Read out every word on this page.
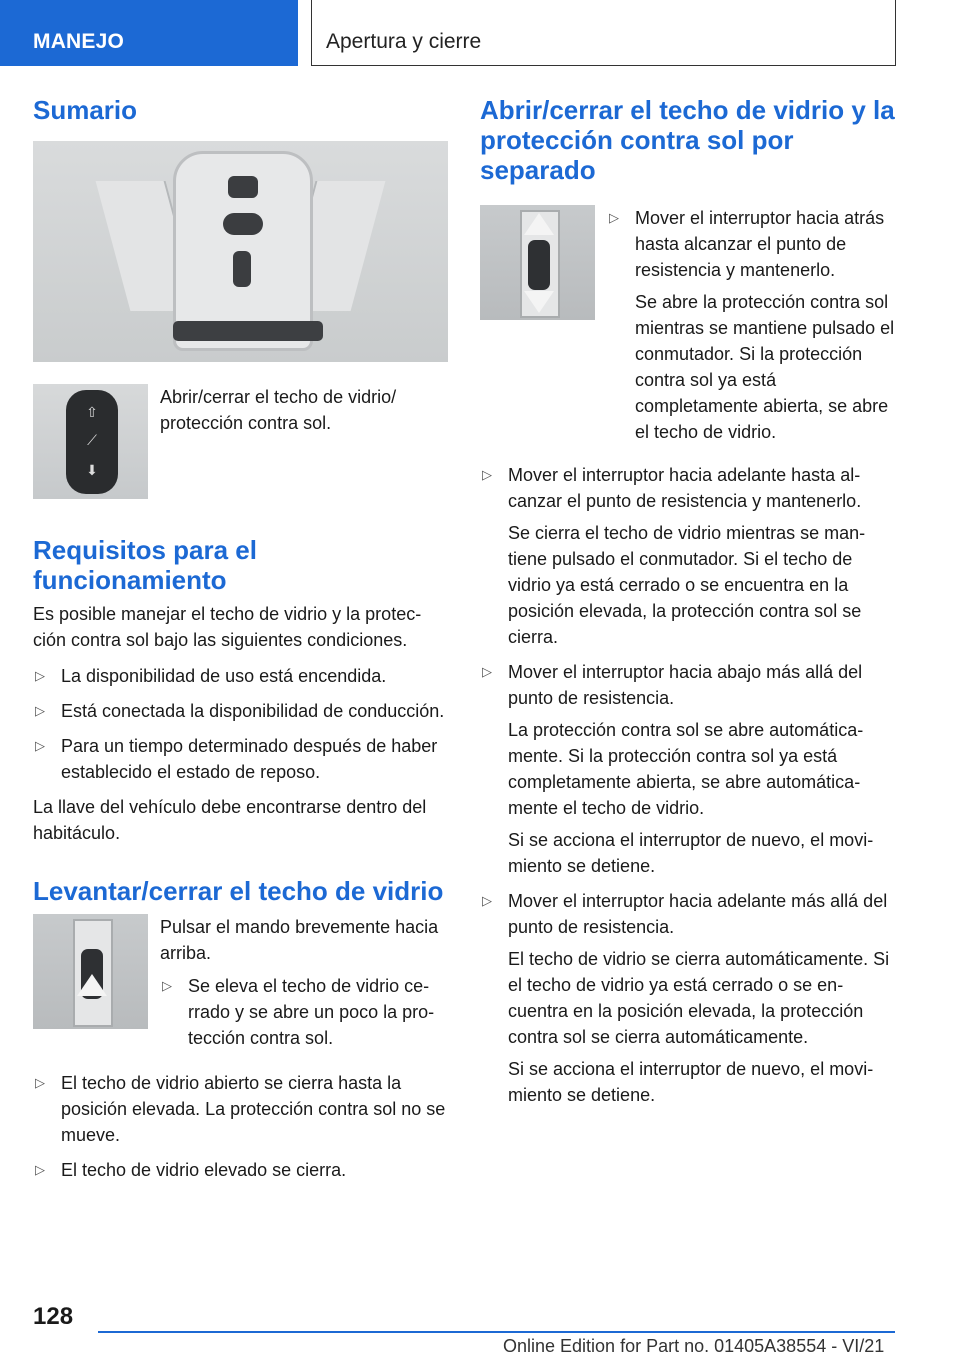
MANEJO	Apertura y cierre
Sumario
⇧
⟋
⬇

Abrir/cerrar el techo de vidrio/ protección contra sol.

Requisitos para el funcionamiento

Es posible manejar el techo de vidrio y la protección contra sol bajo las siguientes condiciones.

▷ La disponibilidad de uso está encendida.
▷ Está conectada la disponibilidad de conducción.
▷ Para un tiempo determinado después de haber establecido el estado de reposo.

La llave del vehículo debe encontrarse dentro del habitáculo.

Levantar/cerrar el techo de vidrio

Pulsar el mando brevemente hacia arriba.

▷ Se eleva el techo de vidrio cerrado y se abre un poco la protección contra sol.
▷ El techo de vidrio abierto se cierra hasta la posición elevada. La protección contra sol no se mueve.
▷ El techo de vidrio elevado se cierra.
Abrir/cerrar el techo de vidrio y la protección contra sol por separado
▷ Mover el interruptor hacia atrás hasta alcanzar el punto de resistencia y mantenerlo.

Se abre la protección contra sol mientras se mantiene pulsado el conmutador. Si la protección contra sol ya está completamente abierta, se abre el techo de vidrio.

▷ Mover el interruptor hacia adelante hasta alcanzar el punto de resistencia y mantenerlo.

Se cierra el techo de vidrio mientras se mantiene pulsado el conmutador. Si el techo de vidrio ya está cerrado o se encuentra en la posición elevada, la protección contra sol se cierra.

▷ Mover el interruptor hacia abajo más allá del punto de resistencia.

La protección contra sol se abre automáticamente. Si la protección contra sol ya está completamente abierta, se abre automáticamente el techo de vidrio.

Si se acciona el interruptor de nuevo, el movimiento se detiene.

▷ Mover el interruptor hacia adelante más allá del punto de resistencia.

El techo de vidrio se cierra automáticamente. Si el techo de vidrio ya está cerrado o se encuentra en la posición elevada, la protección contra sol se cierra automáticamente.

Si se acciona el interruptor de nuevo, el movimiento se detiene.

128
Online Edition for Part no. 01405A38554 - VI/21
